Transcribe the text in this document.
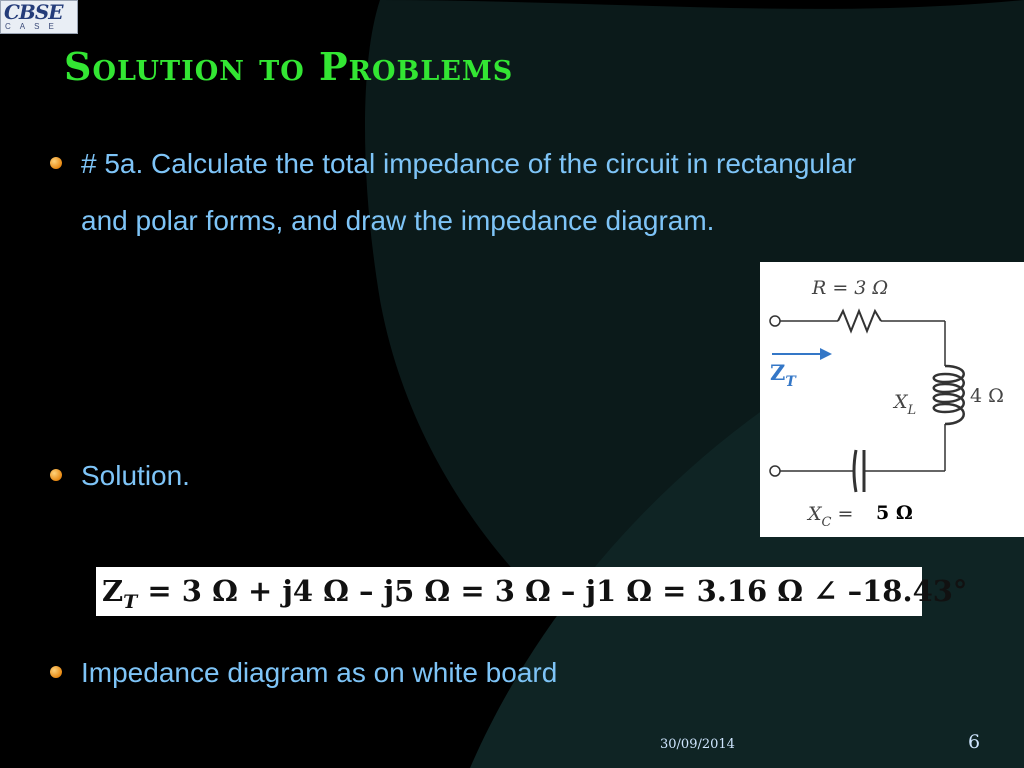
CBSE
CASE
Solution to Problems
# 5a. Calculate the total impedance of the circuit in rectangular and polar forms, and draw the impedance diagram.
Solution.
Impedance diagram as on white board
R = 3 Ω
$Z_T$
$X_L$
4 Ω
$X_C = 5$ Ω
$Z_T = 3$ Ω + j4 Ω – j5 Ω = 3 Ω – j1 Ω = 3.16 Ω ∠ –18.43°
30/09/2014	6
